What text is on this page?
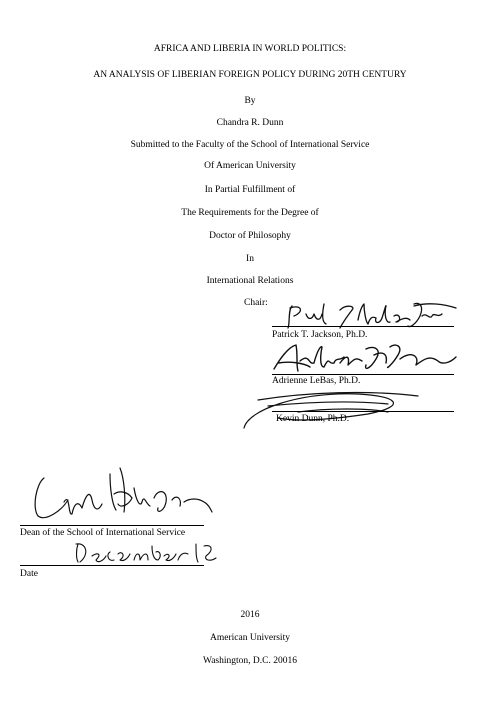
AFRICA AND LIBERIA IN WORLD POLITICS:
AN ANALYSIS OF LIBERIAN FOREIGN POLICY DURING 20TH CENTURY
By
Chandra R. Dunn
Submitted to the Faculty of the School of International Service
Of American University
In Partial Fulfillment of
The Requirements for the Degree of
Doctor of Philosophy
In
International Relations
Chair:
Patrick T. Jackson, Ph.D.
Adrienne LeBas, Ph.D.
Kevin Dunn, Ph.D.
Dean of the School of International Service
Date
2016
American University
Washington, D.C. 20016
